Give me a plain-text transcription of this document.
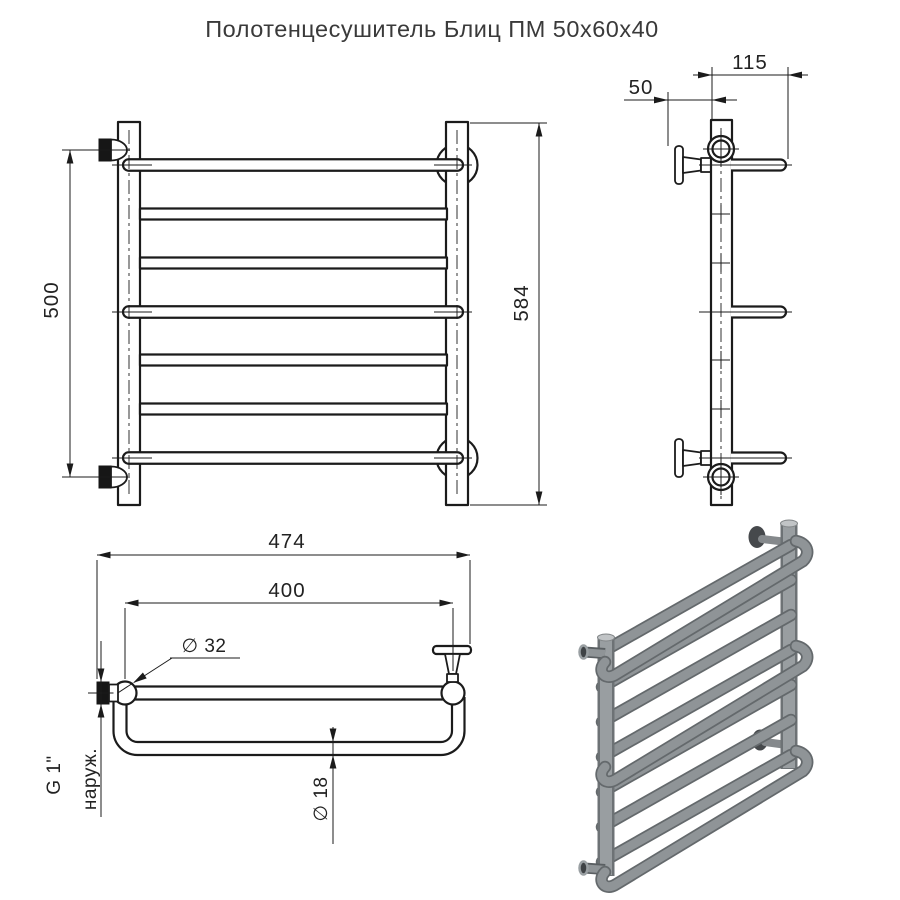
Полотенцесушитель Блиц ПМ 50х60х40
500	584
115
50
474
400
∅ 32
∅ 18
G 1" наруж.
